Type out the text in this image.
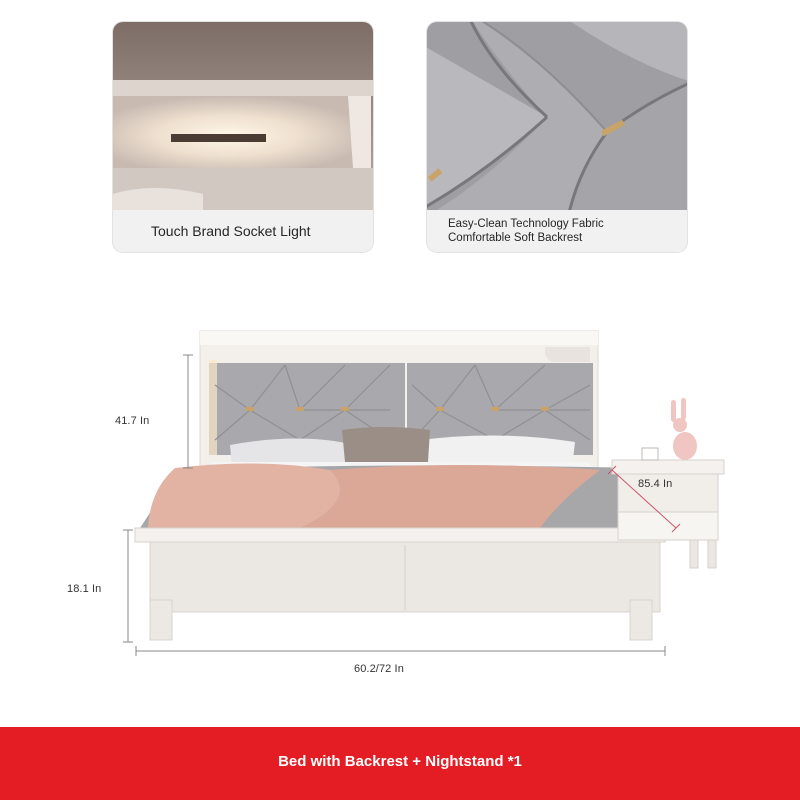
Touch Brand Socket Light	Easy-Clean Technology Fabric
Comfortable Soft Backrest
41.7 In
18.1 In
60.2/72 In
85.4 In
Bed with Backrest + Nightstand *1
